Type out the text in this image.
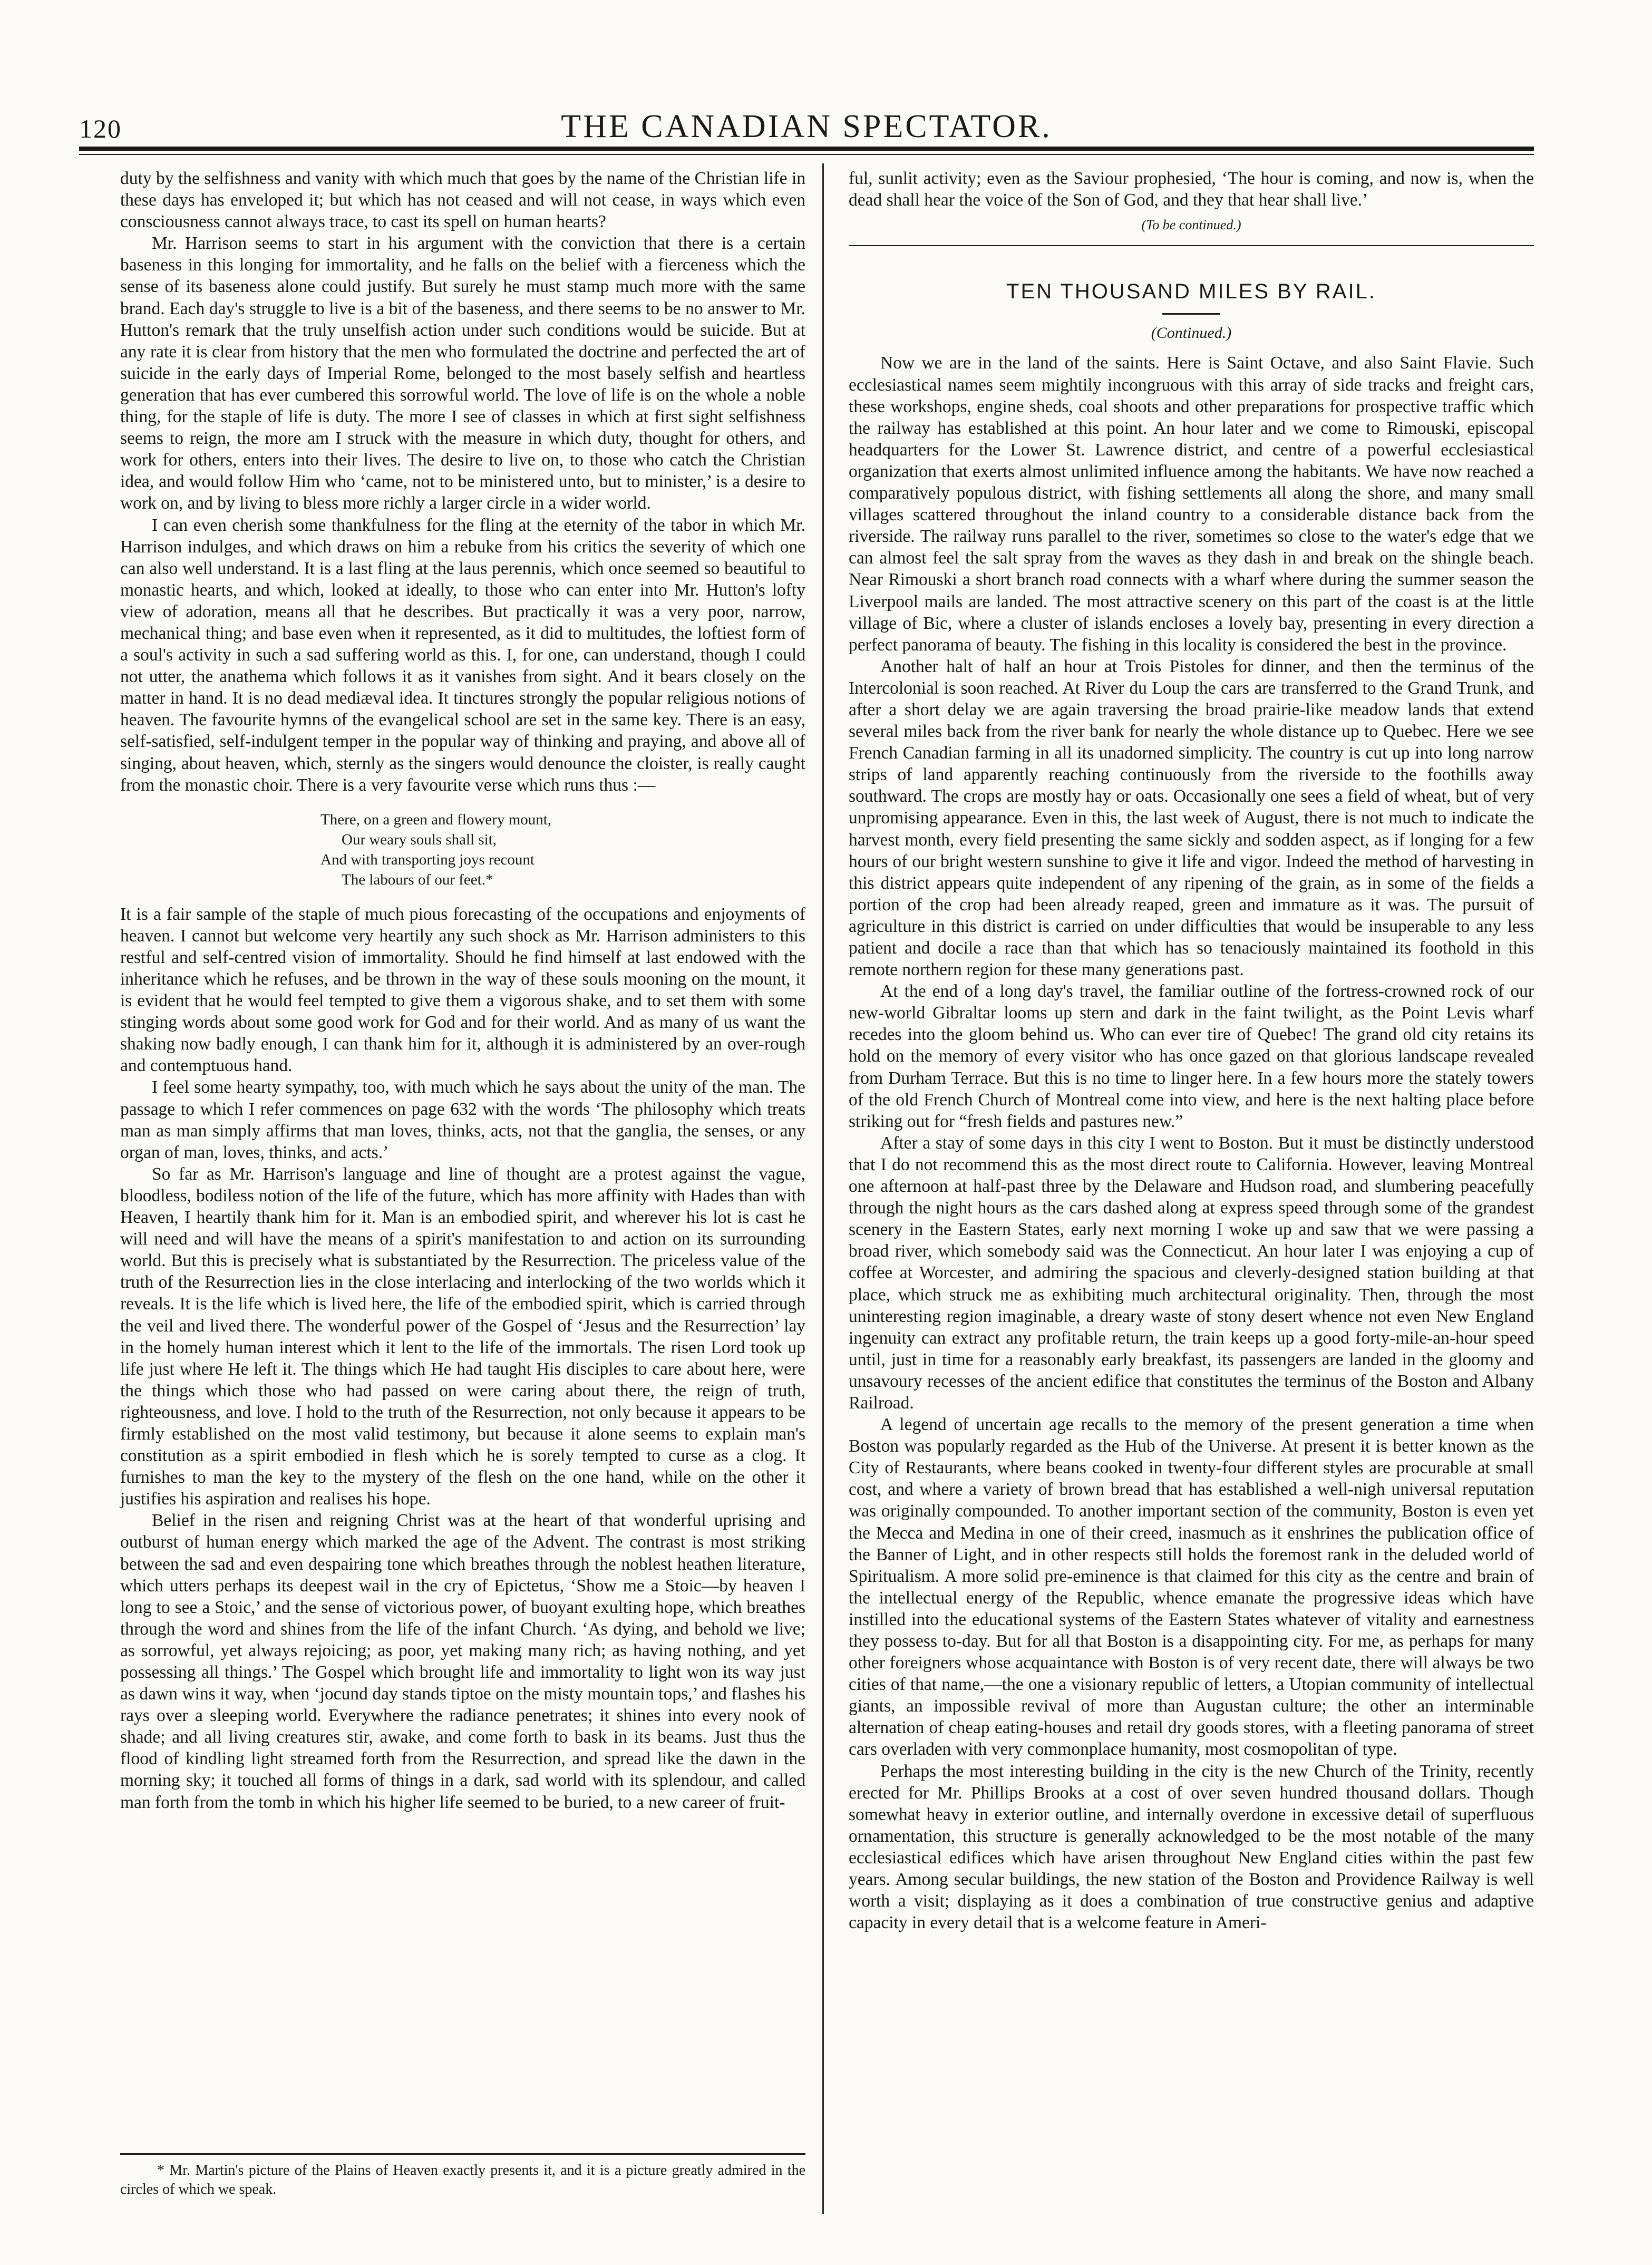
120	THE CANADIAN SPECTATOR.

duty by the selfishness and vanity with which much that goes by the name of the Christian life in these days has enveloped it; but which has not ceased and will not cease, in ways which even consciousness cannot always trace, to cast its spell on human hearts?

Mr. Harrison seems to start in his argument with the conviction that there is a certain baseness in this longing for immortality, and he falls on the belief with a fierceness which the sense of its baseness alone could justify. But surely he must stamp much more with the same brand. Each day's struggle to live is a bit of the baseness, and there seems to be no answer to Mr. Hutton's remark that the truly unselfish action under such conditions would be suicide. But at any rate it is clear from history that the men who formulated the doctrine and perfected the art of suicide in the early days of Imperial Rome, belonged to the most basely selfish and heartless generation that has ever cumbered this sorrowful world. The love of life is on the whole a noble thing, for the staple of life is duty. The more I see of classes in which at first sight selfishness seems to reign, the more am I struck with the measure in which duty, thought for others, and work for others, enters into their lives. The desire to live on, to those who catch the Christian idea, and would follow Him who ‘came, not to be ministered unto, but to minister,’ is a desire to work on, and by living to bless more richly a larger circle in a wider world.

I can even cherish some thankfulness for the fling at the eternity of the tabor in which Mr. Harrison indulges, and which draws on him a rebuke from his critics the severity of which one can also well understand. It is a last fling at the laus perennis, which once seemed so beautiful to monastic hearts, and which, looked at ideally, to those who can enter into Mr. Hutton's lofty view of adoration, means all that he describes. But practically it was a very poor, narrow, mechanical thing; and base even when it represented, as it did to multitudes, the loftiest form of a soul's activity in such a sad suffering world as this. I, for one, can understand, though I could not utter, the anathema which follows it as it vanishes from sight. And it bears closely on the matter in hand. It is no dead mediæval idea. It tinctures strongly the popular religious notions of heaven. The favourite hymns of the evangelical school are set in the same key. There is an easy, self-satisfied, self-indulgent temper in the popular way of thinking and praying, and above all of singing, about heaven, which, sternly as the singers would denounce the cloister, is really caught from the monastic choir. There is a very favourite verse which runs thus :—

There, on a green and flowery mount,
Our weary souls shall sit,
And with transporting joys recount
The labours of our feet.*

It is a fair sample of the staple of much pious forecasting of the occupations and enjoyments of heaven. I cannot but welcome very heartily any such shock as Mr. Harrison administers to this restful and self-centred vision of immortality. Should he find himself at last endowed with the inheritance which he refuses, and be thrown in the way of these souls mooning on the mount, it is evident that he would feel tempted to give them a vigorous shake, and to set them with some stinging words about some good work for God and for their world. And as many of us want the shaking now badly enough, I can thank him for it, although it is administered by an over-rough and contemptuous hand.

I feel some hearty sympathy, too, with much which he says about the unity of the man. The passage to which I refer commences on page 632 with the words ‘The philosophy which treats man as man simply affirms that man loves, thinks, acts, not that the ganglia, the senses, or any organ of man, loves, thinks, and acts.’

So far as Mr. Harrison's language and line of thought are a protest against the vague, bloodless, bodiless notion of the life of the future, which has more affinity with Hades than with Heaven, I heartily thank him for it. Man is an embodied spirit, and wherever his lot is cast he will need and will have the means of a spirit's manifestation to and action on its surrounding world. But this is precisely what is substantiated by the Resurrection. The priceless value of the truth of the Resurrection lies in the close interlacing and interlocking of the two worlds which it reveals. It is the life which is lived here, the life of the embodied spirit, which is carried through the veil and lived there. The wonderful power of the Gospel of ‘Jesus and the Resurrection’ lay in the homely human interest which it lent to the life of the immortals. The risen Lord took up life just where He left it. The things which He had taught His disciples to care about here, were the things which those who had passed on were caring about there, the reign of truth, righteousness, and love. I hold to the truth of the Resurrection, not only because it appears to be firmly established on the most valid testimony, but because it alone seems to explain man's constitution as a spirit embodied in flesh which he is sorely tempted to curse as a clog. It furnishes to man the key to the mystery of the flesh on the one hand, while on the other it justifies his aspiration and realises his hope.

Belief in the risen and reigning Christ was at the heart of that wonderful uprising and outburst of human energy which marked the age of the Advent. The contrast is most striking between the sad and even despairing tone which breathes through the noblest heathen literature, which utters perhaps its deepest wail in the cry of Epictetus, ‘Show me a Stoic—by heaven I long to see a Stoic,’ and the sense of victorious power, of buoyant exulting hope, which breathes through the word and shines from the life of the infant Church. ‘As dying, and behold we live; as sorrowful, yet always rejoicing; as poor, yet making many rich; as having nothing, and yet possessing all things.’ The Gospel which brought life and immortality to light won its way just as dawn wins it way, when ‘jocund day stands tiptoe on the misty mountain tops,’ and flashes his rays over a sleeping world. Everywhere the radiance penetrates; it shines into every nook of shade; and all living creatures stir, awake, and come forth to bask in its beams. Just thus the flood of kindling light streamed forth from the Resurrection, and spread like the dawn in the morning sky; it touched all forms of things in a dark, sad world with its splendour, and called man forth from the tomb in which his higher life seemed to be buried, to a new career of fruit-

* Mr. Martin's picture of the Plains of Heaven exactly presents it, and it is a picture greatly admired in the circles of which we speak.

ful, sunlit activity; even as the Saviour prophesied, ‘The hour is coming, and now is, when the dead shall hear the voice of the Son of God, and they that hear shall live.’

(To be continued.)
TEN THOUSAND MILES BY RAIL.
(Continued.)

Now we are in the land of the saints. Here is Saint Octave, and also Saint Flavie. Such ecclesiastical names seem mightily incongruous with this array of side tracks and freight cars, these workshops, engine sheds, coal shoots and other preparations for prospective traffic which the railway has established at this point. An hour later and we come to Rimouski, episcopal headquarters for the Lower St. Lawrence district, and centre of a powerful ecclesiastical organization that exerts almost unlimited influence among the habitants. We have now reached a comparatively populous district, with fishing settlements all along the shore, and many small villages scattered throughout the inland country to a considerable distance back from the riverside. The railway runs parallel to the river, sometimes so close to the water's edge that we can almost feel the salt spray from the waves as they dash in and break on the shingle beach. Near Rimouski a short branch road connects with a wharf where during the summer season the Liverpool mails are landed. The most attractive scenery on this part of the coast is at the little village of Bic, where a cluster of islands encloses a lovely bay, presenting in every direction a perfect panorama of beauty. The fishing in this locality is considered the best in the province.

Another halt of half an hour at Trois Pistoles for dinner, and then the terminus of the Intercolonial is soon reached. At River du Loup the cars are transferred to the Grand Trunk, and after a short delay we are again traversing the broad prairie-like meadow lands that extend several miles back from the river bank for nearly the whole distance up to Quebec. Here we see French Canadian farming in all its unadorned simplicity. The country is cut up into long narrow strips of land apparently reaching continuously from the riverside to the foothills away southward. The crops are mostly hay or oats. Occasionally one sees a field of wheat, but of very unpromising appearance. Even in this, the last week of August, there is not much to indicate the harvest month, every field presenting the same sickly and sodden aspect, as if longing for a few hours of our bright western sunshine to give it life and vigor. Indeed the method of harvesting in this district appears quite independent of any ripening of the grain, as in some of the fields a portion of the crop had been already reaped, green and immature as it was. The pursuit of agriculture in this district is carried on under difficulties that would be insuperable to any less patient and docile a race than that which has so tenaciously maintained its foothold in this remote northern region for these many generations past.

At the end of a long day's travel, the familiar outline of the fortress-crowned rock of our new-world Gibraltar looms up stern and dark in the faint twilight, as the Point Levis wharf recedes into the gloom behind us. Who can ever tire of Quebec! The grand old city retains its hold on the memory of every visitor who has once gazed on that glorious landscape revealed from Durham Terrace. But this is no time to linger here. In a few hours more the stately towers of the old French Church of Montreal come into view, and here is the next halting place before striking out for “fresh fields and pastures new.”

After a stay of some days in this city I went to Boston. But it must be distinctly understood that I do not recommend this as the most direct route to California. However, leaving Montreal one afternoon at half-past three by the Delaware and Hudson road, and slumbering peacefully through the night hours as the cars dashed along at express speed through some of the grandest scenery in the Eastern States, early next morning I woke up and saw that we were passing a broad river, which somebody said was the Connecticut. An hour later I was enjoying a cup of coffee at Worcester, and admiring the spacious and cleverly-designed station building at that place, which struck me as exhibiting much architectural originality. Then, through the most uninteresting region imaginable, a dreary waste of stony desert whence not even New England ingenuity can extract any profitable return, the train keeps up a good forty-mile-an-hour speed until, just in time for a reasonably early breakfast, its passengers are landed in the gloomy and unsavoury recesses of the ancient edifice that constitutes the terminus of the Boston and Albany Railroad.

A legend of uncertain age recalls to the memory of the present generation a time when Boston was popularly regarded as the Hub of the Universe. At present it is better known as the City of Restaurants, where beans cooked in twenty-four different styles are procurable at small cost, and where a variety of brown bread that has established a well-nigh universal reputation was originally compounded. To another important section of the community, Boston is even yet the Mecca and Medina in one of their creed, inasmuch as it enshrines the publication office of the Banner of Light, and in other respects still holds the foremost rank in the deluded world of Spiritualism. A more solid pre-eminence is that claimed for this city as the centre and brain of the intellectual energy of the Republic, whence emanate the progressive ideas which have instilled into the educational systems of the Eastern States whatever of vitality and earnestness they possess to-day. But for all that Boston is a disappointing city. For me, as perhaps for many other foreigners whose acquaintance with Boston is of very recent date, there will always be two cities of that name,—the one a visionary republic of letters, a Utopian community of intellectual giants, an impossible revival of more than Augustan culture; the other an interminable alternation of cheap eating-houses and retail dry goods stores, with a fleeting panorama of street cars overladen with very commonplace humanity, most cosmopolitan of type.

Perhaps the most interesting building in the city is the new Church of the Trinity, recently erected for Mr. Phillips Brooks at a cost of over seven hundred thousand dollars. Though somewhat heavy in exterior outline, and internally overdone in excessive detail of superfluous ornamentation, this structure is generally acknowledged to be the most notable of the many ecclesiastical edifices which have arisen throughout New England cities within the past few years. Among secular buildings, the new station of the Boston and Providence Railway is well worth a visit; displaying as it does a combination of true constructive genius and adaptive capacity in every detail that is a welcome feature in Ameri-
